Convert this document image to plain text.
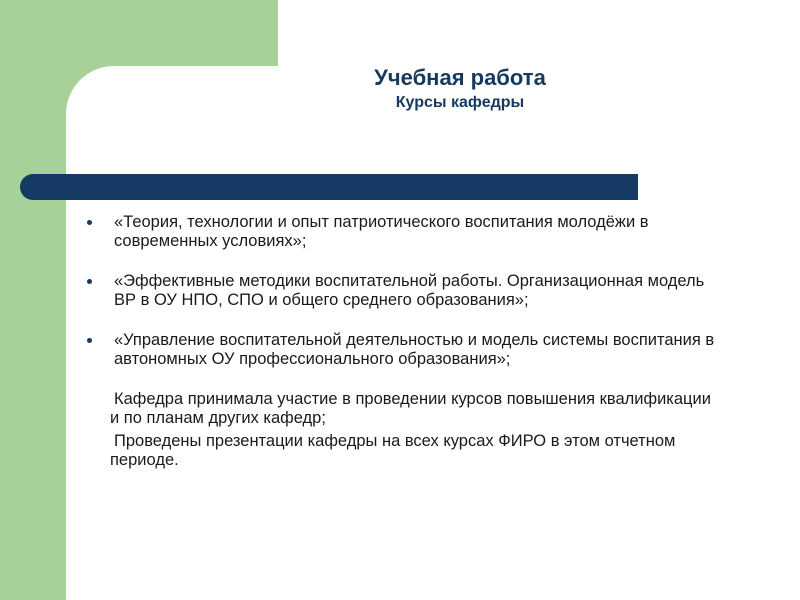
Учебная работа
Курсы кафедры
«Теория, технологии и опыт патриотического воспитания молодёжи в современных условиях»;
«Эффективные методики воспитательной работы. Организационная модель ВР в ОУ НПО, СПО и общего среднего образования»;
«Управление воспитательной деятельностью и модель системы воспитания в автономных ОУ профессионального образования»;
Кафедра принимала участие в проведении курсов повышения квалификации и по планам других кафедр;
Проведены презентации кафедры на всех курсах ФИРО в этом отчетном периоде.
